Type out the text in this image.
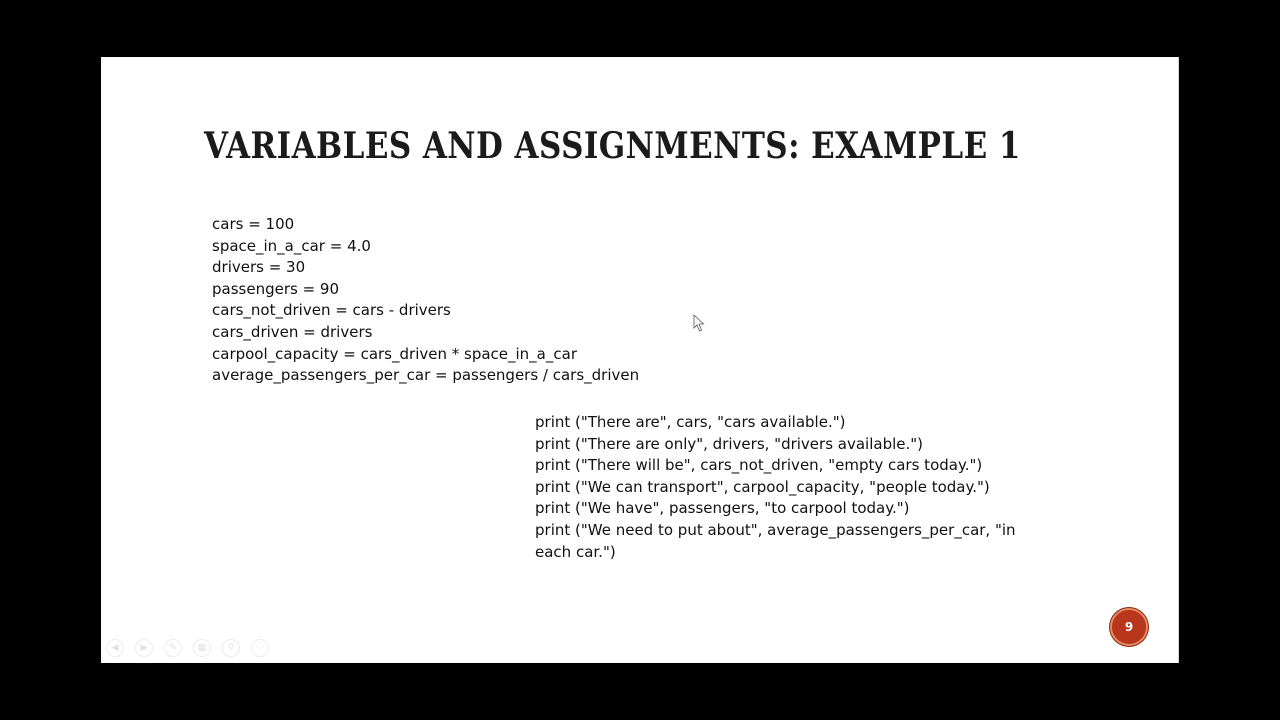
VARIABLES AND ASSIGNMENTS: EXAMPLE 1
cars = 100
space_in_a_car = 4.0
drivers = 30
passengers = 90
cars_not_driven = cars - drivers
cars_driven = drivers
carpool_capacity = cars_driven * space_in_a_car
average_passengers_per_car = passengers / cars_driven
print ("There are", cars, "cars available.")
print ("There are only", drivers, "drivers available.")
print ("There will be", cars_not_driven, "empty cars today.")
print ("We can transport", carpool_capacity, "people today.")
print ("We have", passengers, "to carpool today.")
print ("We need to put about", average_passengers_per_car, "in each car.")
9
◀	▶	✎	▦	⚲	⋯
